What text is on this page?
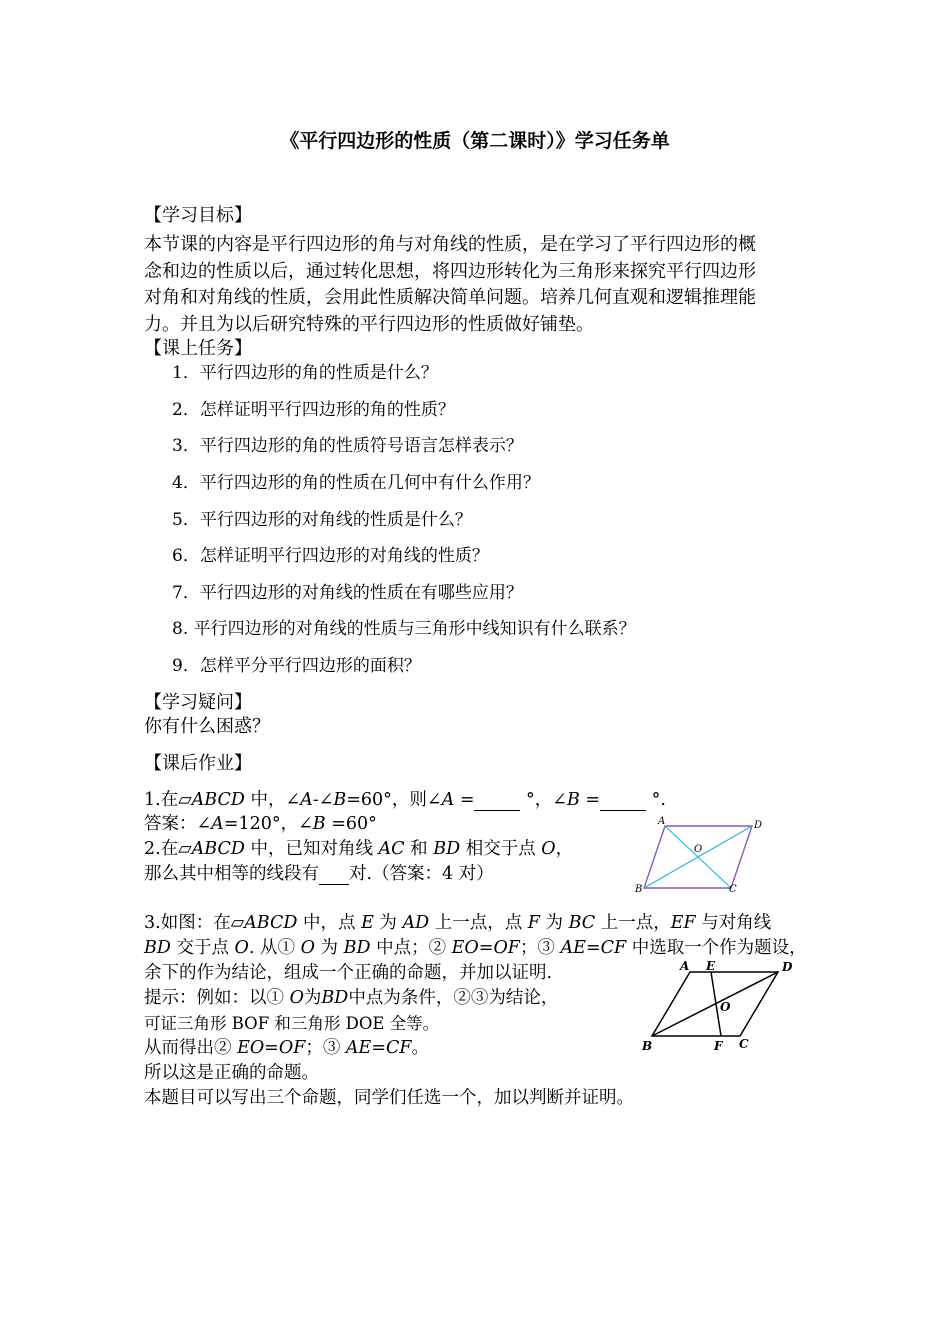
《平行四边形的性质（第二课时）》学习任务单
【学习目标】
本节课的内容是平行四边形的角与对角线的性质，是在学习了平行四边形的概
念和边的性质以后，通过转化思想，将四边形转化为三角形来探究平行四边形
对角和对角线的性质，会用此性质解决简单问题。培养几何直观和逻辑推理能
力。并且为以后研究特殊的平行四边形的性质做好铺垫。
【课上任务】
1．平行四边形的角的性质是什么？
2．怎样证明平行四边形的角的性质？
3．平行四边形的角的性质符号语言怎样表示？
4．平行四边形的角的性质在几何中有什么作用？
5．平行四边形的对角线的性质是什么？
6．怎样证明平行四边形的对角线的性质？
7．平行四边形的对角线的性质在有哪些应用？
8. 平行四边形的对角线的性质与三角形中线知识有什么联系？
9．怎样平分平行四边形的面积？
【学习疑问】
你有什么困惑？
【课后作业】
1.在▱ABCD 中，∠A-∠B=60°，则∠A =	°，∠B =	°.
答案：∠A=120°，∠B =60°
2.在▱ABCD 中，已知对角线 AC 和 BD 相交于点 O，
那么其中相等的线段有 对.（答案：4 对）
A	D
O
B	C
3.如图：在▱ABCD 中，点 E 为 AD 上一点，点 F 为 BC 上一点，EF 与对角线
BD 交于点 O. 从① O 为 BD 中点；② EO=OF；③ AE=CF 中选取一个作为题设，
余下的作为结论，组成一个正确的命题，并加以证明.
提示：例如：以① O为BD中点为条件，②③为结论，
可证三角形 BOF 和三角形 DOE 全等。
从而得出② EO=OF；③ AE=CF。
所以这是正确的命题。
本题目可以写出三个命题，同学们任选一个，加以判断并证明。
A E	D
O
B	F C
